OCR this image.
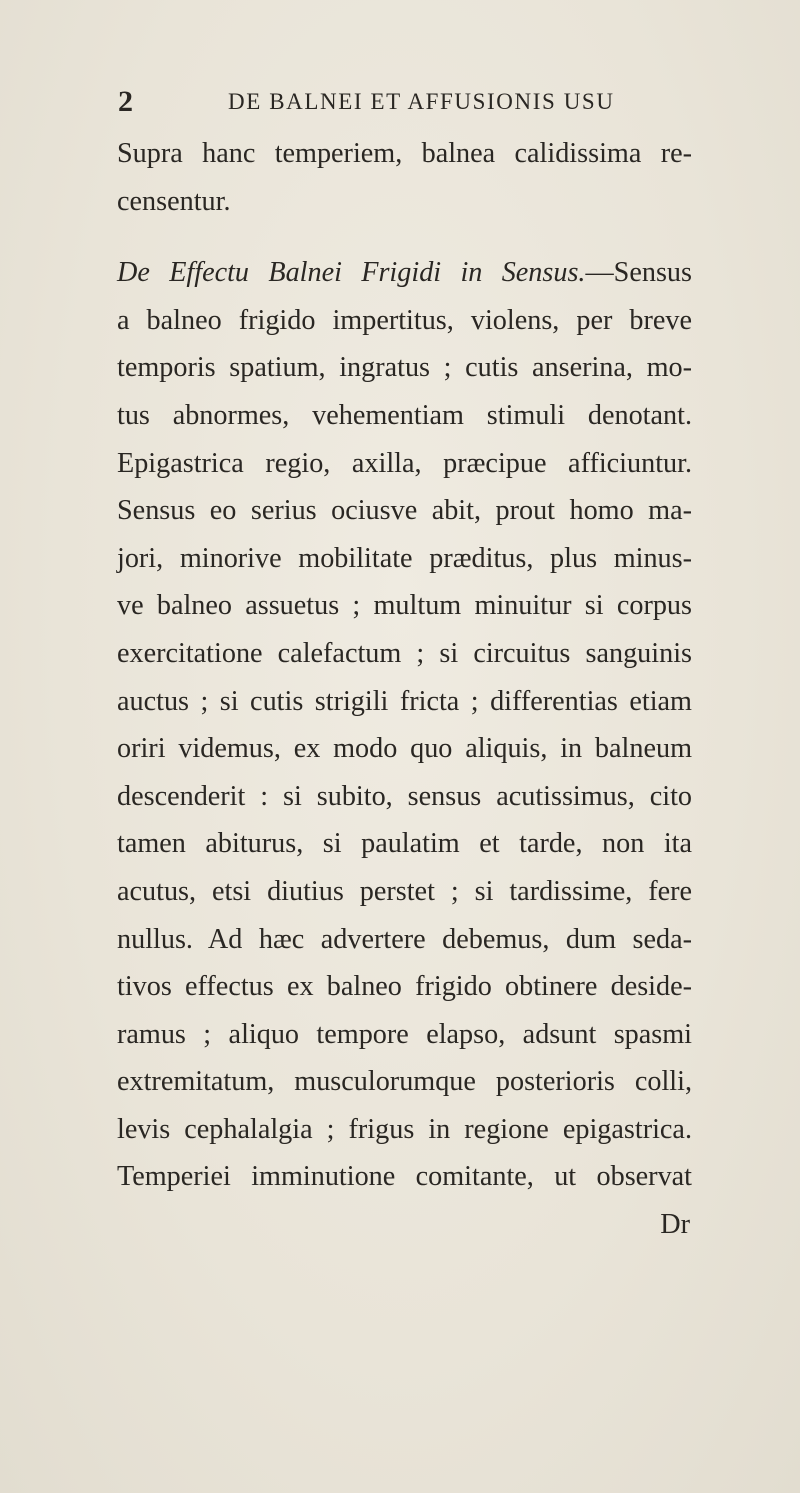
2	DE BALNEI ET AFFUSIONIS USU
Supra hanc temperiem, balnea calidissima re-
censentur.
De Effectu Balnei Frigidi in Sensus.—Sensus
a balneo frigido impertitus, violens, per breve
temporis spatium, ingratus ; cutis anserina, mo-
tus abnormes, vehementiam stimuli denotant.
Epigastrica regio, axilla, præcipue afficiuntur.
Sensus eo serius ociusve abit, prout homo ma-
jori, minorive mobilitate præditus, plus minus-
ve balneo assuetus ; multum minuitur si corpus
exercitatione calefactum ; si circuitus sanguinis
auctus ; si cutis strigili fricta ; differentias etiam
oriri videmus, ex modo quo aliquis, in balneum
descenderit : si subito, sensus acutissimus, cito
tamen abiturus, si paulatim et tarde, non ita
acutus, etsi diutius perstet ; si tardissime, fere
nullus. Ad hæc advertere debemus, dum seda-
tivos effectus ex balneo frigido obtinere deside-
ramus ; aliquo tempore elapso, adsunt spasmi
extremitatum, musculorumque posterioris colli,
levis cephalalgia ; frigus in regione epigastrica.
Temperiei imminutione comitante, ut observat
Dr
